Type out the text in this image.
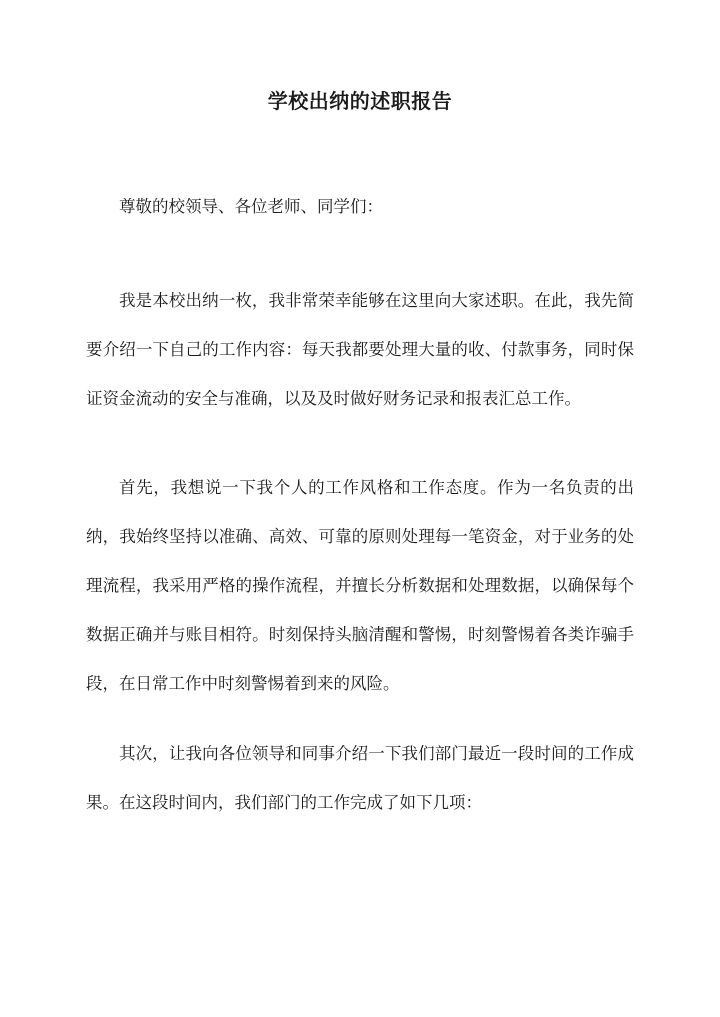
学校出纳的述职报告

尊敬的校领导、各位老师、同学们：

我是本校出纳一枚，我非常荣幸能够在这里向大家述职。在此，我先简要介绍一下自己的工作内容：每天我都要处理大量的收、付款事务，同时保证资金流动的安全与准确，以及及时做好财务记录和报表汇总工作。

首先，我想说一下我个人的工作风格和工作态度。作为一名负责的出纳，我始终坚持以准确、高效、可靠的原则处理每一笔资金，对于业务的处理流程，我采用严格的操作流程，并擅长分析数据和处理数据，以确保每个数据正确并与账目相符。时刻保持头脑清醒和警惕，时刻警惕着各类诈骗手段，在日常工作中时刻警惕着到来的风险。

其次，让我向各位领导和同事介绍一下我们部门最近一段时间的工作成果。在这段时间内，我们部门的工作完成了如下几项：
